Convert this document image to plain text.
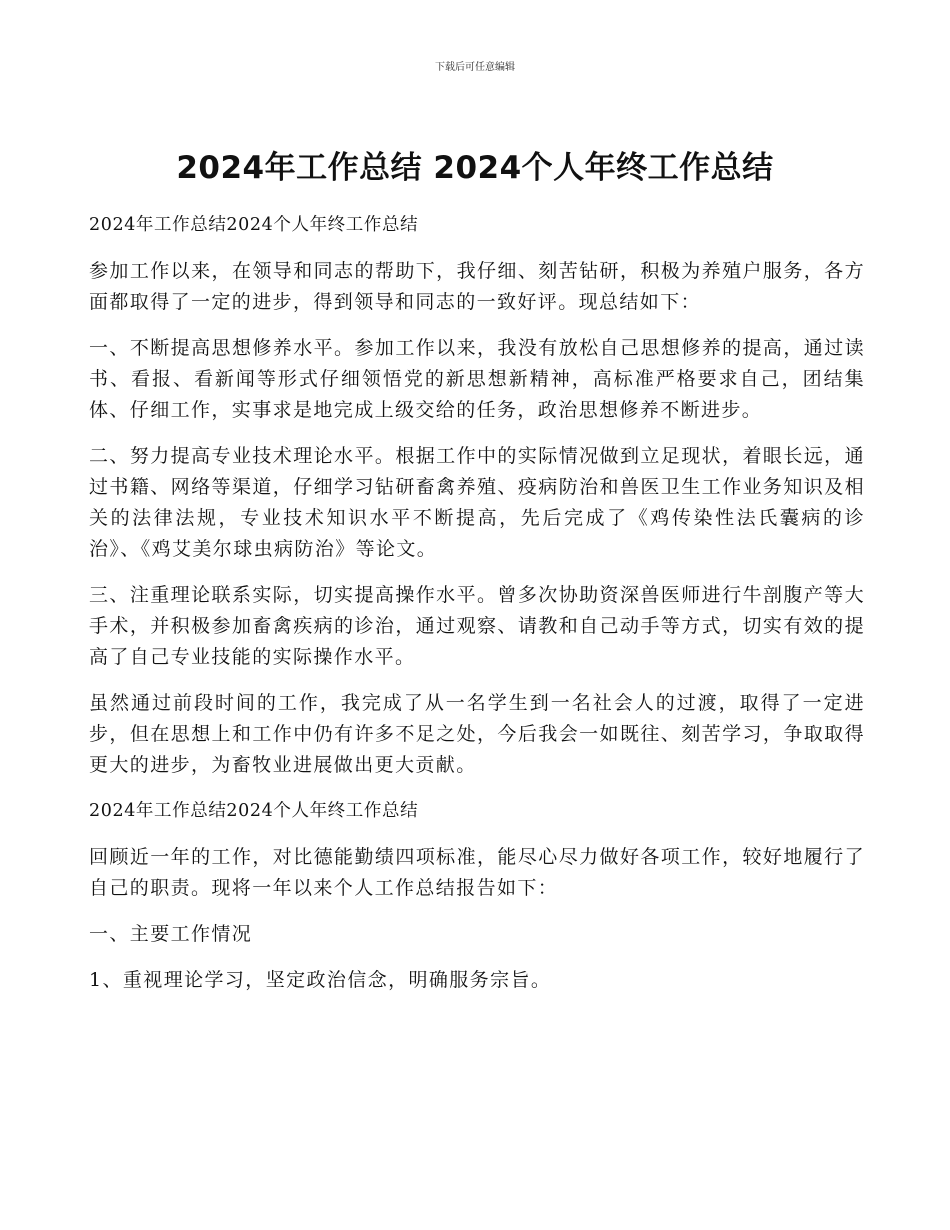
下载后可任意编辑
2024年工作总结 2024个人年终工作总结

2024年工作总结2024个人年终工作总结

参加工作以来，在领导和同志的帮助下，我仔细、刻苦钻研，积极为养殖户服务，各方面都取得了一定的进步，得到领导和同志的一致好评。现总结如下：

一、不断提高思想修养水平。参加工作以来，我没有放松自己思想修养的提高，通过读书、看报、看新闻等形式仔细领悟党的新思想新精神，高标准严格要求自己，团结集体、仔细工作，实事求是地完成上级交给的任务，政治思想修养不断进步。

二、努力提高专业技术理论水平。根据工作中的实际情况做到立足现状，着眼长远，通过书籍、网络等渠道，仔细学习钻研畜禽养殖、疫病防治和兽医卫生工作业务知识及相关的法律法规，专业技术知识水平不断提高，先后完成了《鸡传染性法氏囊病的诊治》、《鸡艾美尔球虫病防治》等论文。

三、注重理论联系实际，切实提高操作水平。曾多次协助资深兽医师进行牛剖腹产等大手术，并积极参加畜禽疾病的诊治，通过观察、请教和自己动手等方式，切实有效的提高了自己专业技能的实际操作水平。

虽然通过前段时间的工作，我完成了从一名学生到一名社会人的过渡，取得了一定进步，但在思想上和工作中仍有许多不足之处，今后我会一如既往、刻苦学习，争取取得更大的进步，为畜牧业进展做出更大贡献。

2024年工作总结2024个人年终工作总结

回顾近一年的工作，对比德能勤绩四项标准，能尽心尽力做好各项工作，较好地履行了自己的职责。现将一年以来个人工作总结报告如下：

一、主要工作情况

1、重视理论学习，坚定政治信念，明确服务宗旨。
